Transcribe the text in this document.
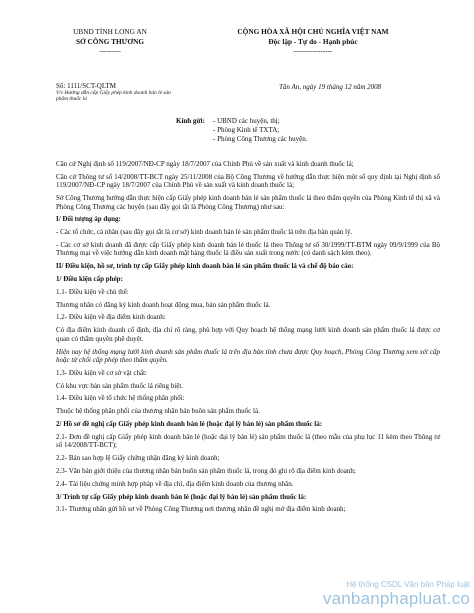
UBND TỈNH LONG AN
SỞ CÔNG THƯƠNG
---------
CỘNG HÒA XÃ HỘI CHỦ NGHĨA VIỆT NAM
Độc lập - Tự do - Hạnh phúc
----------------
Số: 1111/SCT-QLTM
V/v Hướng dẫn cấp Giấy phép kinh doanh bán lẻ sản phẩm thuốc lá
Tân An, ngày 19 tháng 12 năm 2008
Kính gửi: - UBND các huyện, thị;
- Phòng Kinh tế TXTA;
- Phòng Công Thương các huyện.

Căn cứ Nghị định số 119/2007/NĐ-CP ngày 18/7/2007 của Chính Phủ về sản xuất và kinh doanh thuốc lá;

Căn cứ Thông tư số 14/2008/TT-BCT ngày 25/11/2008 của Bộ Công Thương về hướng dẫn thực hiện một số quy định tại Nghị định số 119/2007/NĐ-CP ngày 18/7/2007 của Chính Phủ về sản xuất và kinh doanh thuốc lá;

Sở Công Thương hướng dẫn thực hiện cấp Giấy phép kinh doanh bán lẻ sản phẩm thuốc lá theo thẩm quyền của Phòng Kinh tế thị xã và Phòng Công Thương các huyện (sau đây gọi tắt là Phòng Công Thương) như sau:

I/ Đối tượng áp dụng:

- Các tổ chức, cá nhân (sau đây gọi tắt là cơ sở) kinh doanh bán lẻ sản phẩm thuốc lá trên địa bàn quản lý.

- Các cơ sở kinh doanh đã được cấp Giấy phép kinh doanh bán lẻ thuốc lá theo Thông tư số 30/1999/TT-BTM ngày 09/9/1999 của Bộ Thương mại về việc hướng dẫn kinh doanh mặt hàng thuốc lá điều sản xuất trong nước (có danh sách kèm theo).

II/ Điều kiện, hồ sơ, trình tự cấp Giấy phép kinh doanh bán lẻ sản phẩm thuốc lá và chế độ báo cáo:

1/ Điều kiện cấp phép:

1.1- Điều kiện về chủ thể:

Thương nhân có đăng ký kinh doanh hoạt động mua, bán sản phẩm thuốc lá.

1.2- Điều kiện về địa điểm kinh doanh:

Có địa điểm kinh doanh cố định, địa chỉ rõ ràng, phù hợp với Quy hoạch hệ thống mạng lưới kinh doanh sản phẩm thuốc lá được cơ quan có thẩm quyền phê duyệt.

Hiện nay hệ thống mạng lưới kinh doanh sản phẩm thuốc lá trên địa bàn tỉnh chưa được Quy hoạch, Phòng Công Thương xem xét cấp hoặc từ chối cấp phép theo thẩm quyền.

1.3- Điều kiện về cơ sở vật chất:

Có khu vực bán sản phẩm thuốc lá riêng biệt.

1.4- Điều kiện về tổ chức hệ thống phân phối:

Thuộc hệ thống phân phối của thương nhân bán buôn sản phẩm thuốc lá.

2/ Hồ sơ đề nghị cấp Giấy phép kinh doanh bán lẻ (hoặc đại lý bán lẻ) sản phẩm thuốc lá:

2.1- Đơn đề nghị cấp Giấy phép kinh doanh bán lẻ (hoặc đại lý bán lẻ) sản phẩm thuốc lá (theo mẫu của phụ lục 11 kèm theo Thông tư số 14/2008/TT-BCT);

2.2- Bản sao hợp lệ Giấy chứng nhận đăng ký kinh doanh;

2.3- Văn bản giới thiệu của thương nhân bán buôn sản phẩm thuốc lá, trong đó ghi rõ địa điểm kinh doanh;

2.4- Tài liệu chứng minh hợp pháp về địa chỉ, địa điểm kinh doanh của thương nhân.

3/ Trình tự cấp Giấy phép kinh doanh bán lẻ (hoặc đại lý bán lẻ) sản phẩm thuốc lá:

3.1- Thương nhân gửi hồ sơ về Phòng Công Thương nơi thương nhân đề nghị mở địa điểm kinh doanh;

Hệ thống CSDL Văn bản Pháp luật
vanbanphapluat.co
